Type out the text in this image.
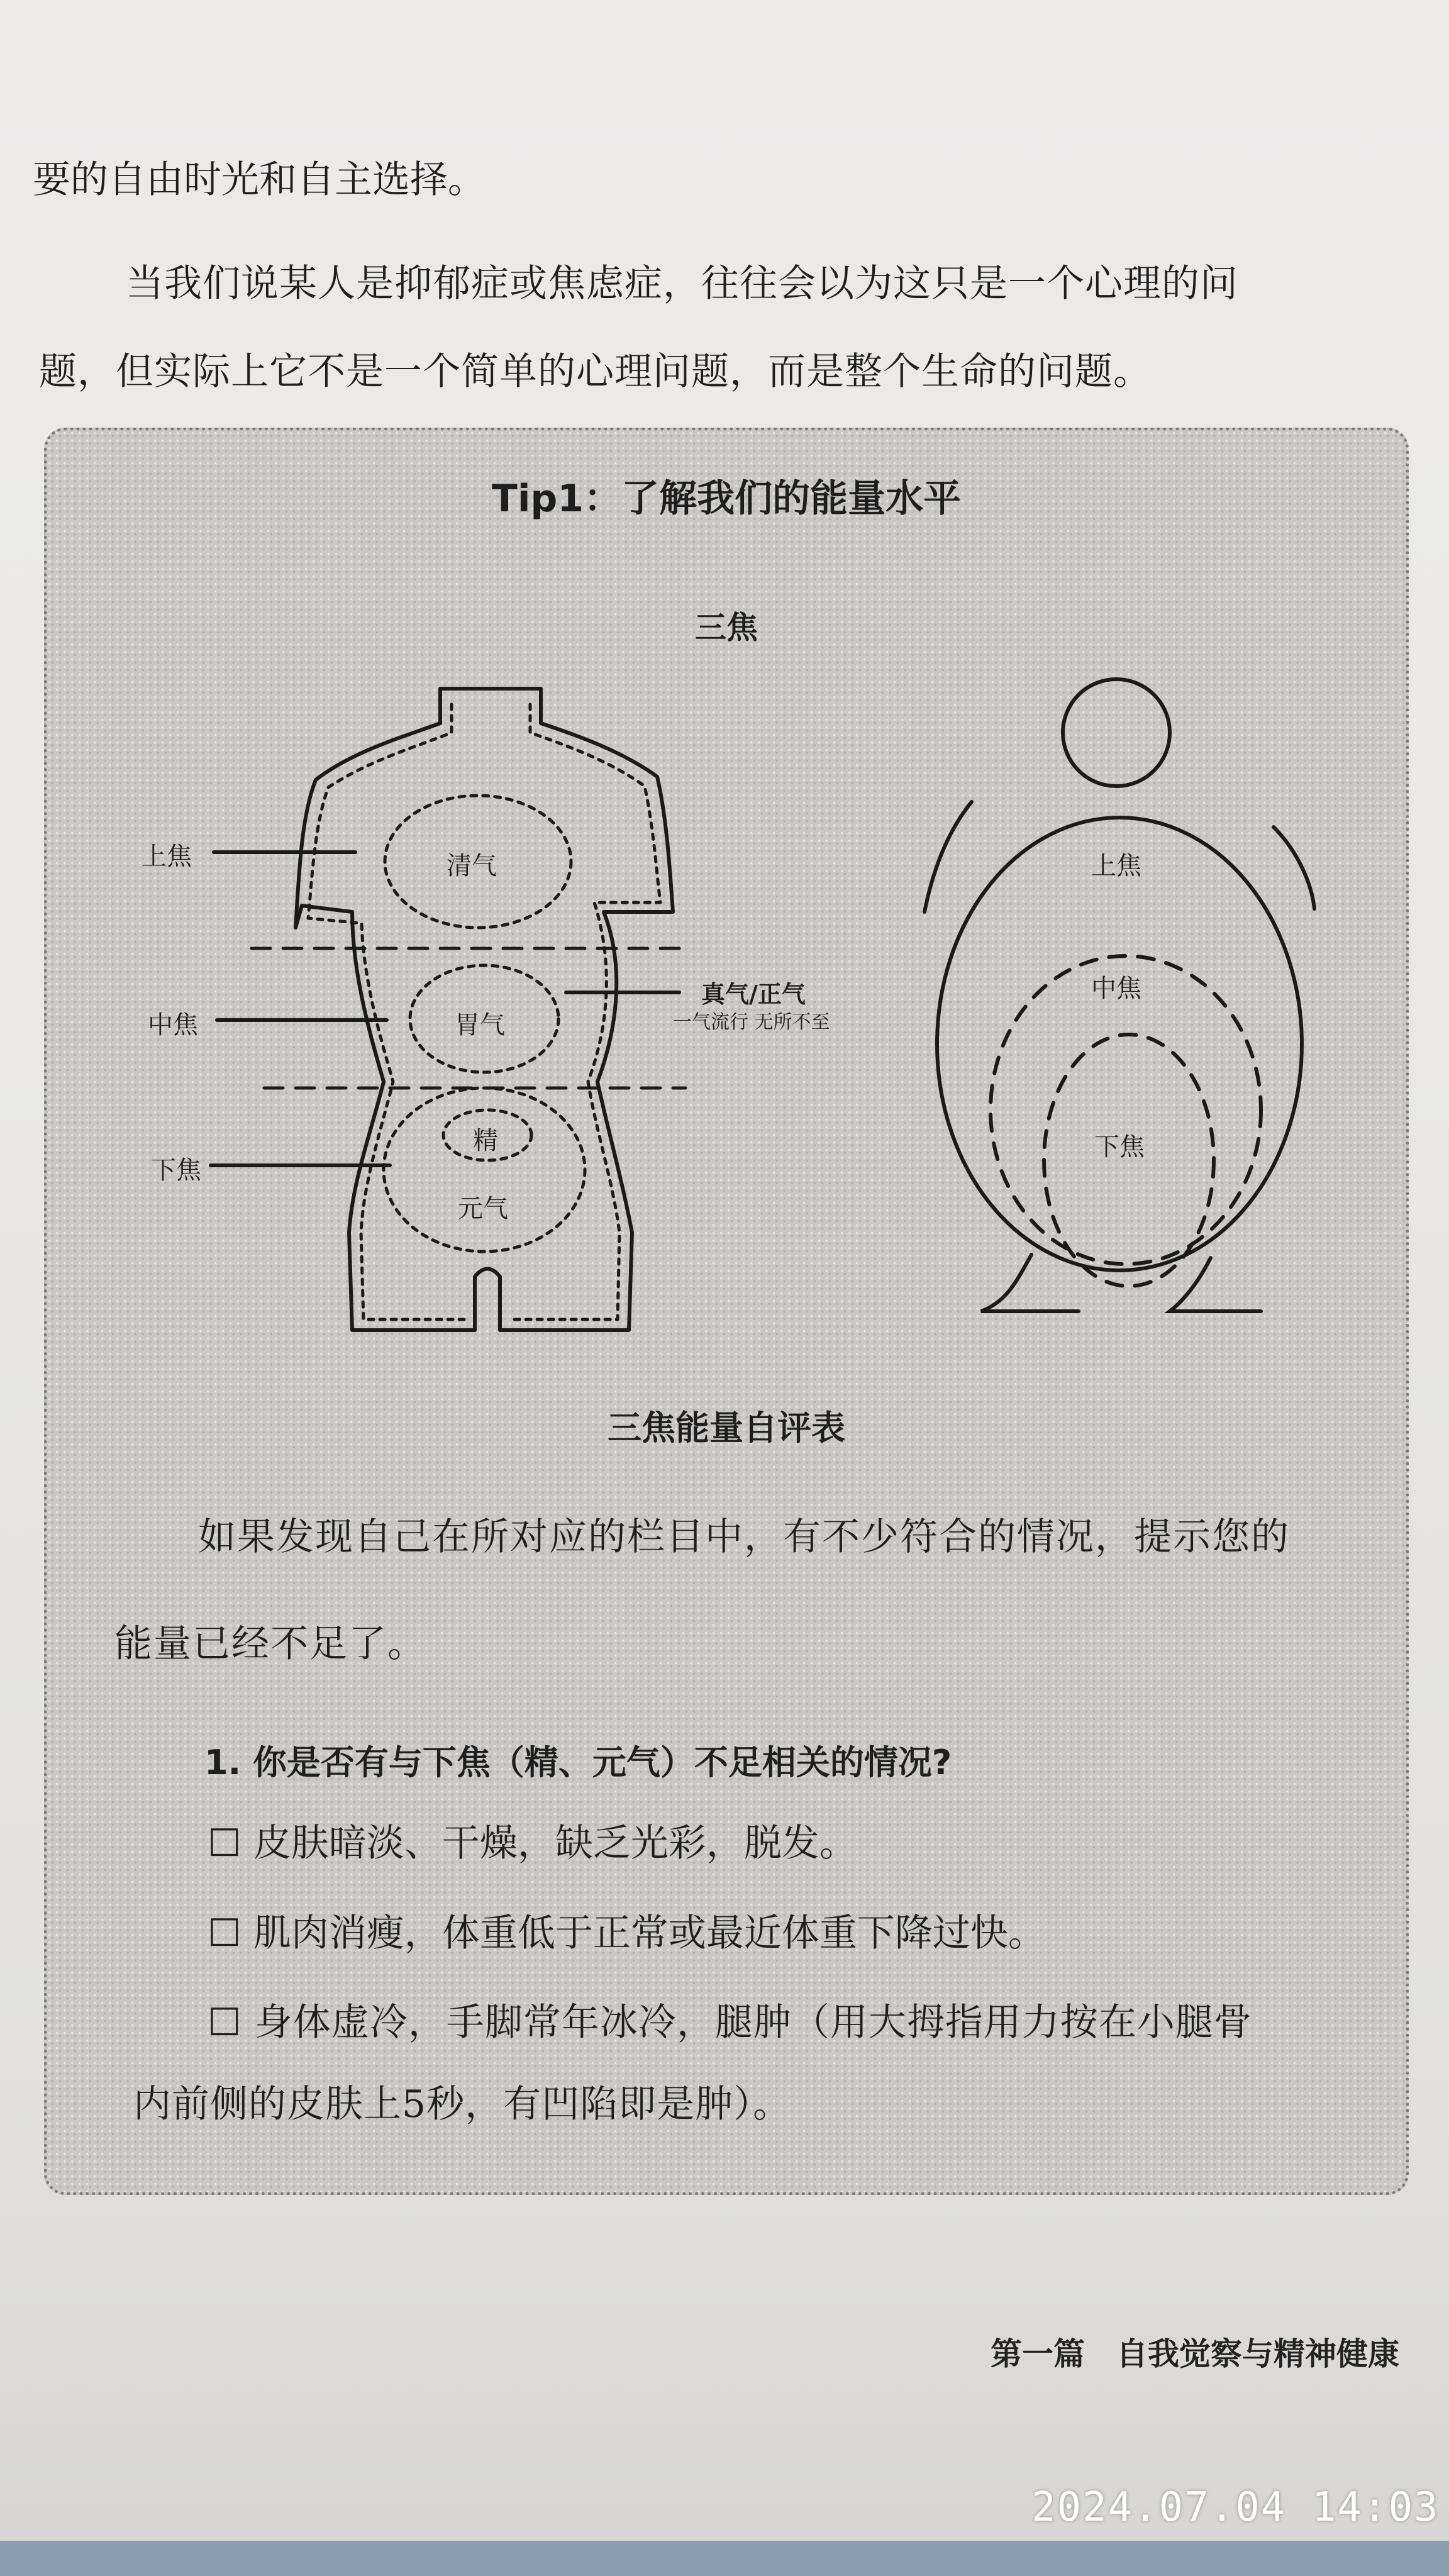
要的自由时光和自主选择。
当我们说某人是抑郁症或焦虑症，往往会以为这只是一个心理的问
题，但实际上它不是一个简单的心理问题，而是整个生命的问题。
Tip1：了解我们的能量水平
三焦
上焦
中焦
下焦
清气
胃气
精
元气
真气/正气
一气流行 无所不至
上焦
中焦
下焦
三焦能量自评表
如果发现自己在所对应的栏目中，有不少符合的情况，提示您的
能量已经不足了。
1. 你是否有与下焦（精、元气）不足相关的情况?
☐ 皮肤暗淡、干燥，缺乏光彩，脱发。
☐ 肌肉消瘦，体重低于正常或最近体重下降过快。
☐ 身体虚冷，手脚常年冰冷，腿肿（用大拇指用力按在小腿骨
内前侧的皮肤上5秒，有凹陷即是肿）。
第一篇　自我觉察与精神健康
2024.07.04 14:03
